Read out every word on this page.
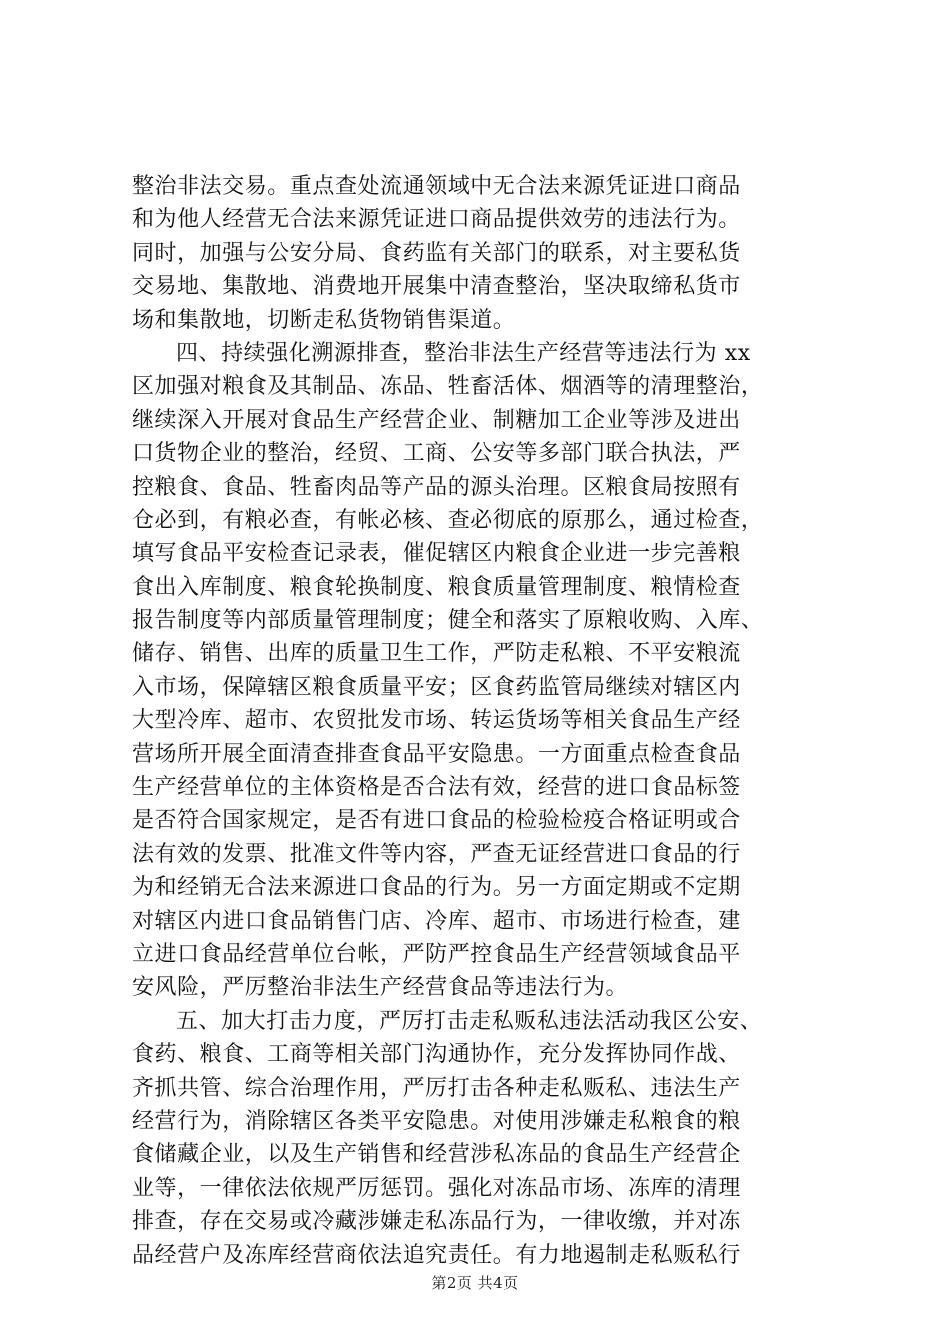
整治非法交易。重点查处流通领域中无合法来源凭证进口商品
和为他人经营无合法来源凭证进口商品提供效劳的违法行为。
同时，加强与公安分局、食药监有关部门的联系，对主要私货
交易地、集散地、消费地开展集中清查整治，坚决取缔私货市
场和集散地，切断走私货物销售渠道。
四、持续强化溯源排查，整治非法生产经营等违法行为 xx
区加强对粮食及其制品、冻品、牲畜活体、烟酒等的清理整治，
继续深入开展对食品生产经营企业、制糖加工企业等涉及进出
口货物企业的整治，经贸、工商、公安等多部门联合执法，严
控粮食、食品、牲畜肉品等产品的源头治理。区粮食局按照有
仓必到，有粮必查，有帐必核、查必彻底的原那么，通过检查，
填写食品平安检查记录表，催促辖区内粮食企业进一步完善粮
食出入库制度、粮食轮换制度、粮食质量管理制度、粮情检查
报告制度等内部质量管理制度；健全和落实了原粮收购、入库、
储存、销售、出库的质量卫生工作，严防走私粮、不平安粮流
入市场，保障辖区粮食质量平安；区食药监管局继续对辖区内
大型冷库、超市、农贸批发市场、转运货场等相关食品生产经
营场所开展全面清查排查食品平安隐患。一方面重点检查食品
生产经营单位的主体资格是否合法有效，经营的进口食品标签
是否符合国家规定，是否有进口食品的检验检疫合格证明或合
法有效的发票、批准文件等内容，严查无证经营进口食品的行
为和经销无合法来源进口食品的行为。另一方面定期或不定期
对辖区内进口食品销售门店、冷库、超市、市场进行检查，建
立进口食品经营单位台帐，严防严控食品生产经营领域食品平
安风险，严厉整治非法生产经营食品等违法行为。
五、加大打击力度，严厉打击走私贩私违法活动我区公安、
食药、粮食、工商等相关部门沟通协作，充分发挥协同作战、
齐抓共管、综合治理作用，严厉打击各种走私贩私、违法生产
经营行为，消除辖区各类平安隐患。对使用涉嫌走私粮食的粮
食储藏企业，以及生产销售和经营涉私冻品的食品生产经营企
业等，一律依法依规严厉惩罚。强化对冻品市场、冻库的清理
排查，存在交易或冷藏涉嫌走私冻品行为，一律收缴，并对冻
品经营户及冻库经营商依法追究责任。有力地遏制走私贩私行
第2页 共4页
